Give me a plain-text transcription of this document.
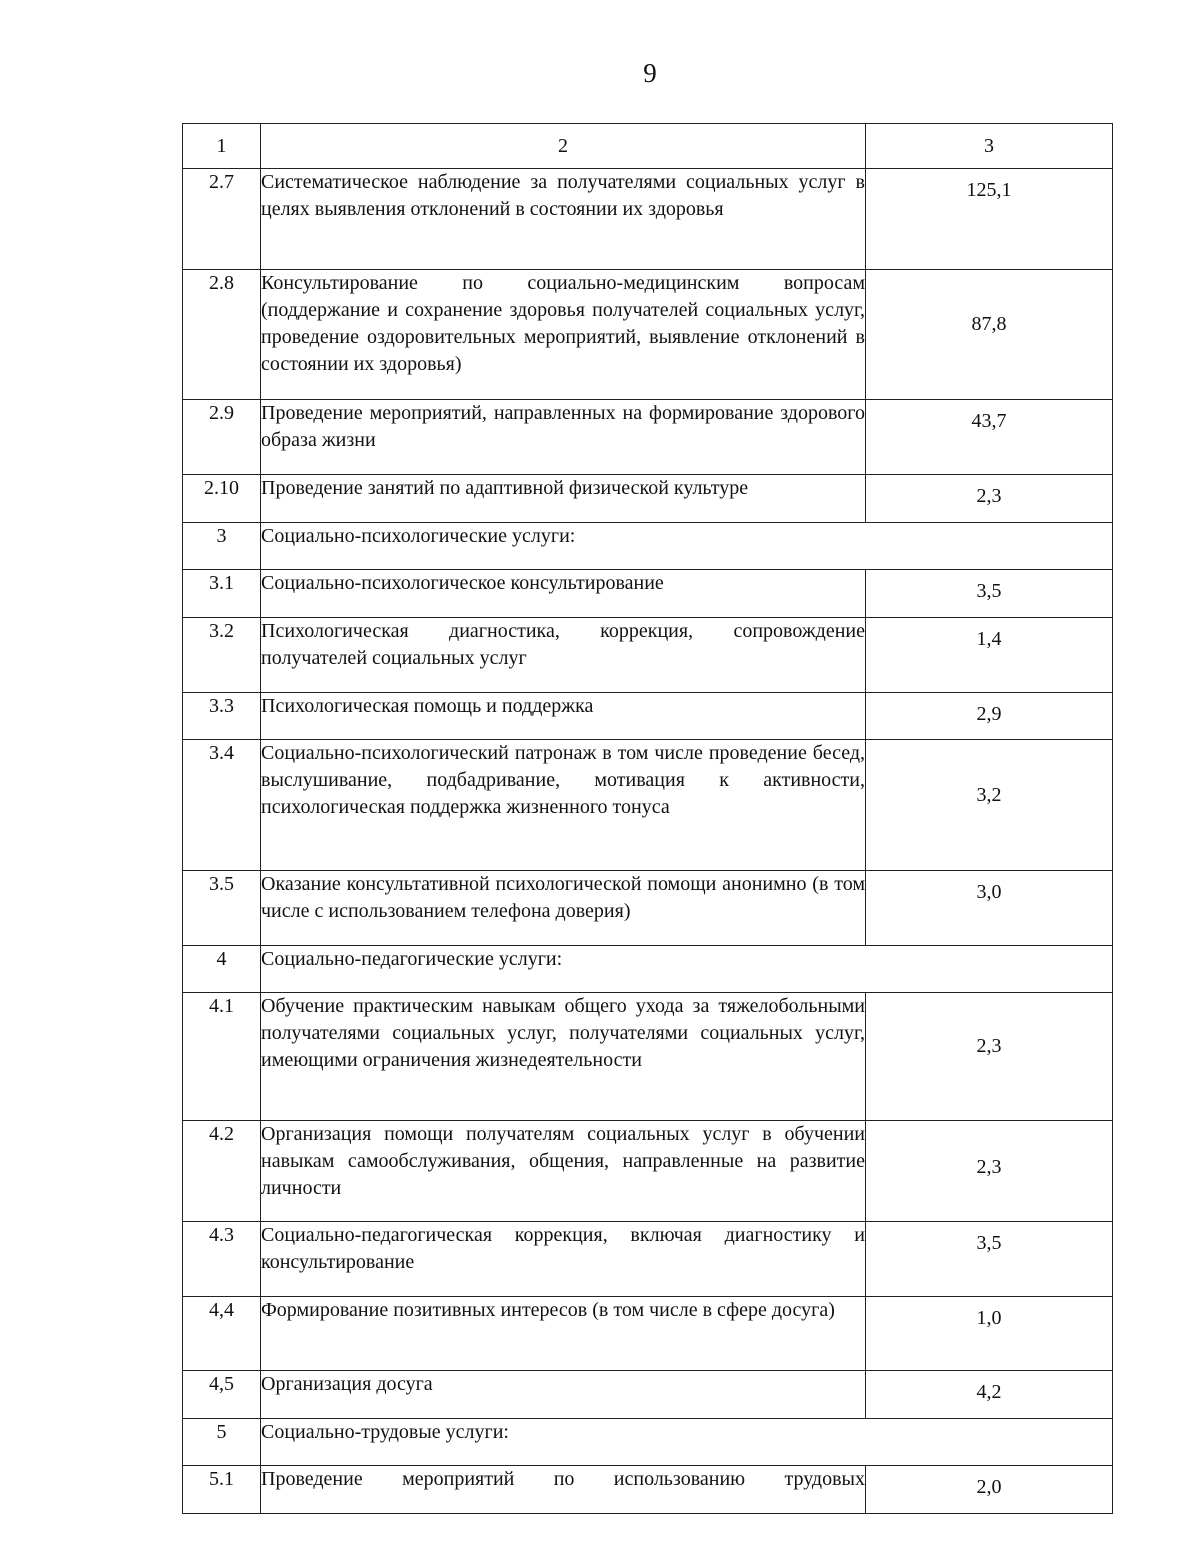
9
1	2	3
2.7	Систематическое наблюдение за получателями социальных услуг в целях выявления отклонений в состоянии их здоровья	125,1

2.8	Консультирование по социально-медицинским вопросам (поддержание и сохранение здоровья получателей социальных услуг, проведение оздоровительных мероприятий, выявление отклонений в состоянии их здоровья)	87,8

2.9	Проведение мероприятий, направленных на формирование здорового образа жизни	43,7

2.10	Проведение занятий по адаптивной физической культуре	2,3

3	Социально-психологические услуги:	
3.1	Социально-психологическое консультирование	3,5

3.2	Психологическая диагностика, коррекция, сопровождение получателей социальных услуг	1,4

3.3	Психологическая помощь и поддержка	2,9

3.4	Социально-психологический патронаж в том числе проведение бесед, выслушивание, подбадривание, мотивация к активности, психологическая поддержка жизненного тонуса	3,2

3.5	Оказание консультативной психологической помощи анонимно (в том числе с использованием телефона доверия)	3,0

4	Социально-педагогические услуги:	
4.1	Обучение практическим навыкам общего ухода за тяжелобольными получателями социальных услуг, получателями социальных услуг, имеющими ограничения жизнедеятельности	2,3

4.2	Организация помощи получателям социальных услуг в обучении навыкам самообслуживания, общения, направленные на развитие личности	2,3

4.3	Социально-педагогическая коррекция, включая диагностику и консультирование	3,5

4,4	Формирование позитивных интересов (в том числе в сфере досуга)	1,0

4,5	Организация досуга	4,2

5	Социально-трудовые услуги:	
5.1	Проведение мероприятий по использованию трудовых	2,0
